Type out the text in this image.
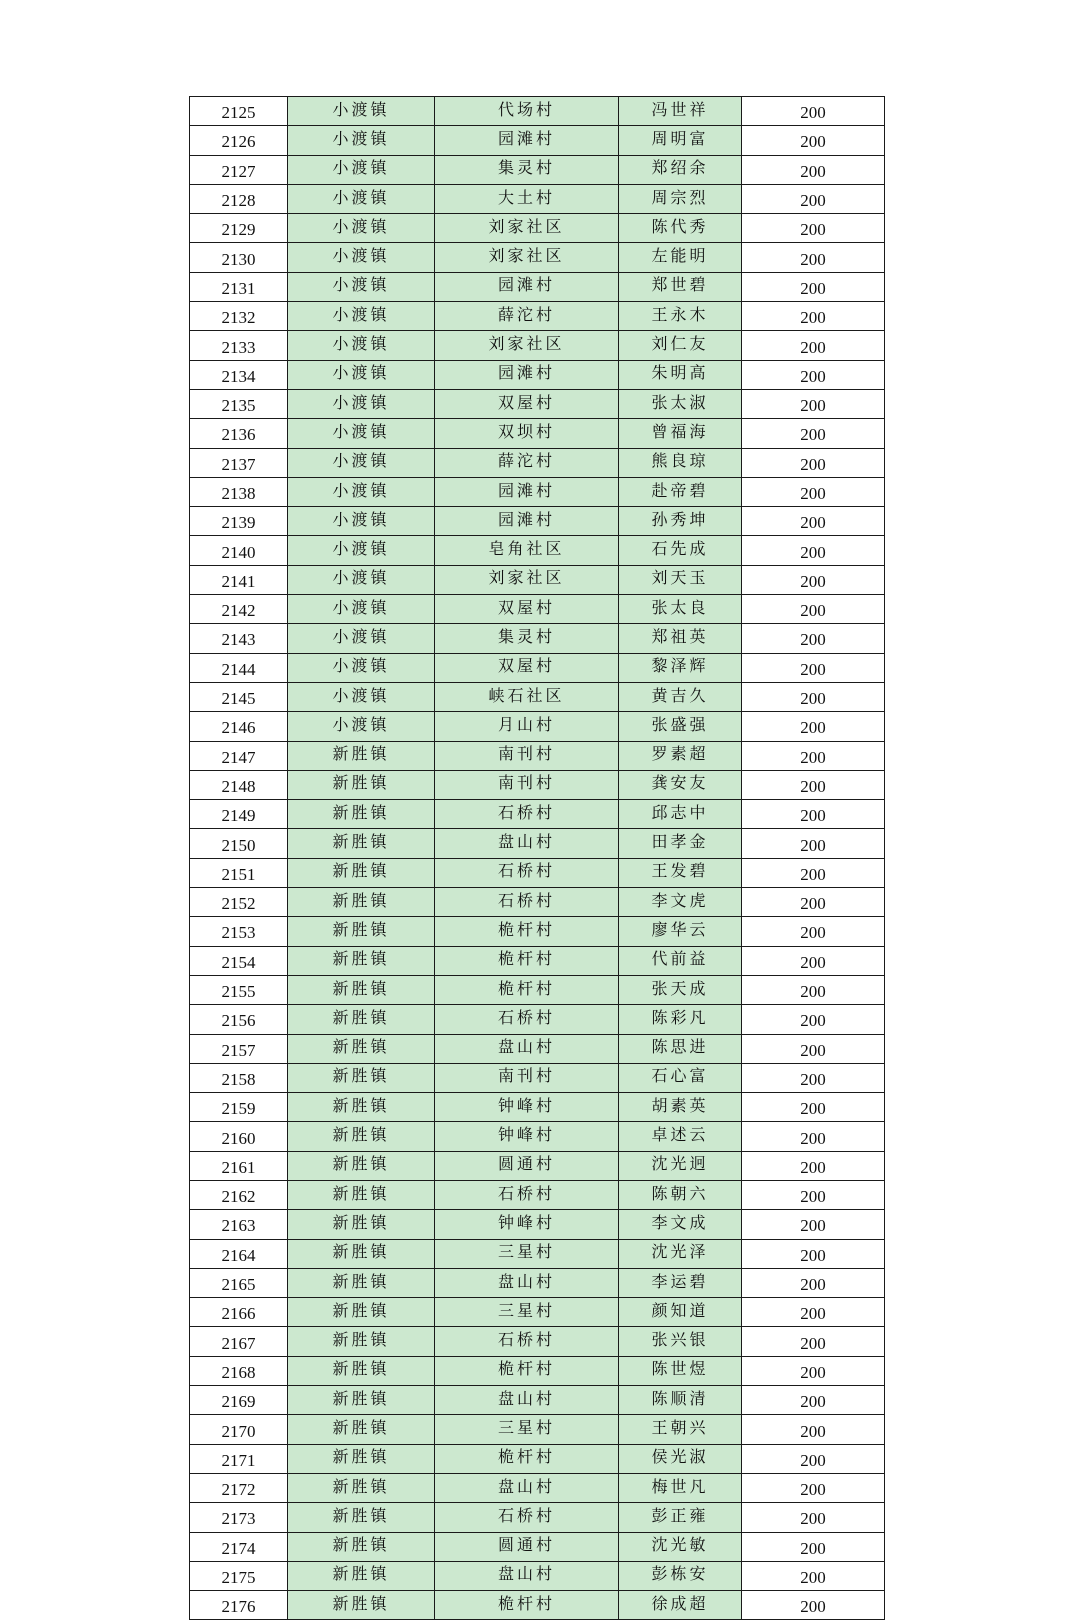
2125	小渡镇	代场村	冯世祥	200
2126	小渡镇	园滩村	周明富	200
2127	小渡镇	集灵村	郑绍余	200
2128	小渡镇	大土村	周宗烈	200
2129	小渡镇	刘家社区	陈代秀	200
2130	小渡镇	刘家社区	左能明	200
2131	小渡镇	园滩村	郑世碧	200
2132	小渡镇	薛沱村	王永木	200
2133	小渡镇	刘家社区	刘仁友	200
2134	小渡镇	园滩村	朱明高	200
2135	小渡镇	双屋村	张太淑	200
2136	小渡镇	双坝村	曾福海	200
2137	小渡镇	薛沱村	熊良琼	200
2138	小渡镇	园滩村	赴帝碧	200
2139	小渡镇	园滩村	孙秀坤	200
2140	小渡镇	皂角社区	石先成	200
2141	小渡镇	刘家社区	刘天玉	200
2142	小渡镇	双屋村	张太良	200
2143	小渡镇	集灵村	郑祖英	200
2144	小渡镇	双屋村	黎泽辉	200
2145	小渡镇	峡石社区	黄吉久	200
2146	小渡镇	月山村	张盛强	200
2147	新胜镇	南刊村	罗素超	200
2148	新胜镇	南刊村	龚安友	200
2149	新胜镇	石桥村	邱志中	200
2150	新胜镇	盘山村	田孝金	200
2151	新胜镇	石桥村	王发碧	200
2152	新胜镇	石桥村	李文虎	200
2153	新胜镇	桅杆村	廖华云	200
2154	新胜镇	桅杆村	代前益	200
2155	新胜镇	桅杆村	张天成	200
2156	新胜镇	石桥村	陈彩凡	200
2157	新胜镇	盘山村	陈思进	200
2158	新胜镇	南刊村	石心富	200
2159	新胜镇	钟峰村	胡素英	200
2160	新胜镇	钟峰村	卓述云	200
2161	新胜镇	圆通村	沈光迥	200
2162	新胜镇	石桥村	陈朝六	200
2163	新胜镇	钟峰村	李文成	200
2164	新胜镇	三星村	沈光泽	200
2165	新胜镇	盘山村	李运碧	200
2166	新胜镇	三星村	颜知道	200
2167	新胜镇	石桥村	张兴银	200
2168	新胜镇	桅杆村	陈世煜	200
2169	新胜镇	盘山村	陈顺清	200
2170	新胜镇	三星村	王朝兴	200
2171	新胜镇	桅杆村	侯光淑	200
2172	新胜镇	盘山村	梅世凡	200
2173	新胜镇	石桥村	彭正雍	200
2174	新胜镇	圆通村	沈光敏	200
2175	新胜镇	盘山村	彭栋安	200
2176	新胜镇	桅杆村	徐成超	200
